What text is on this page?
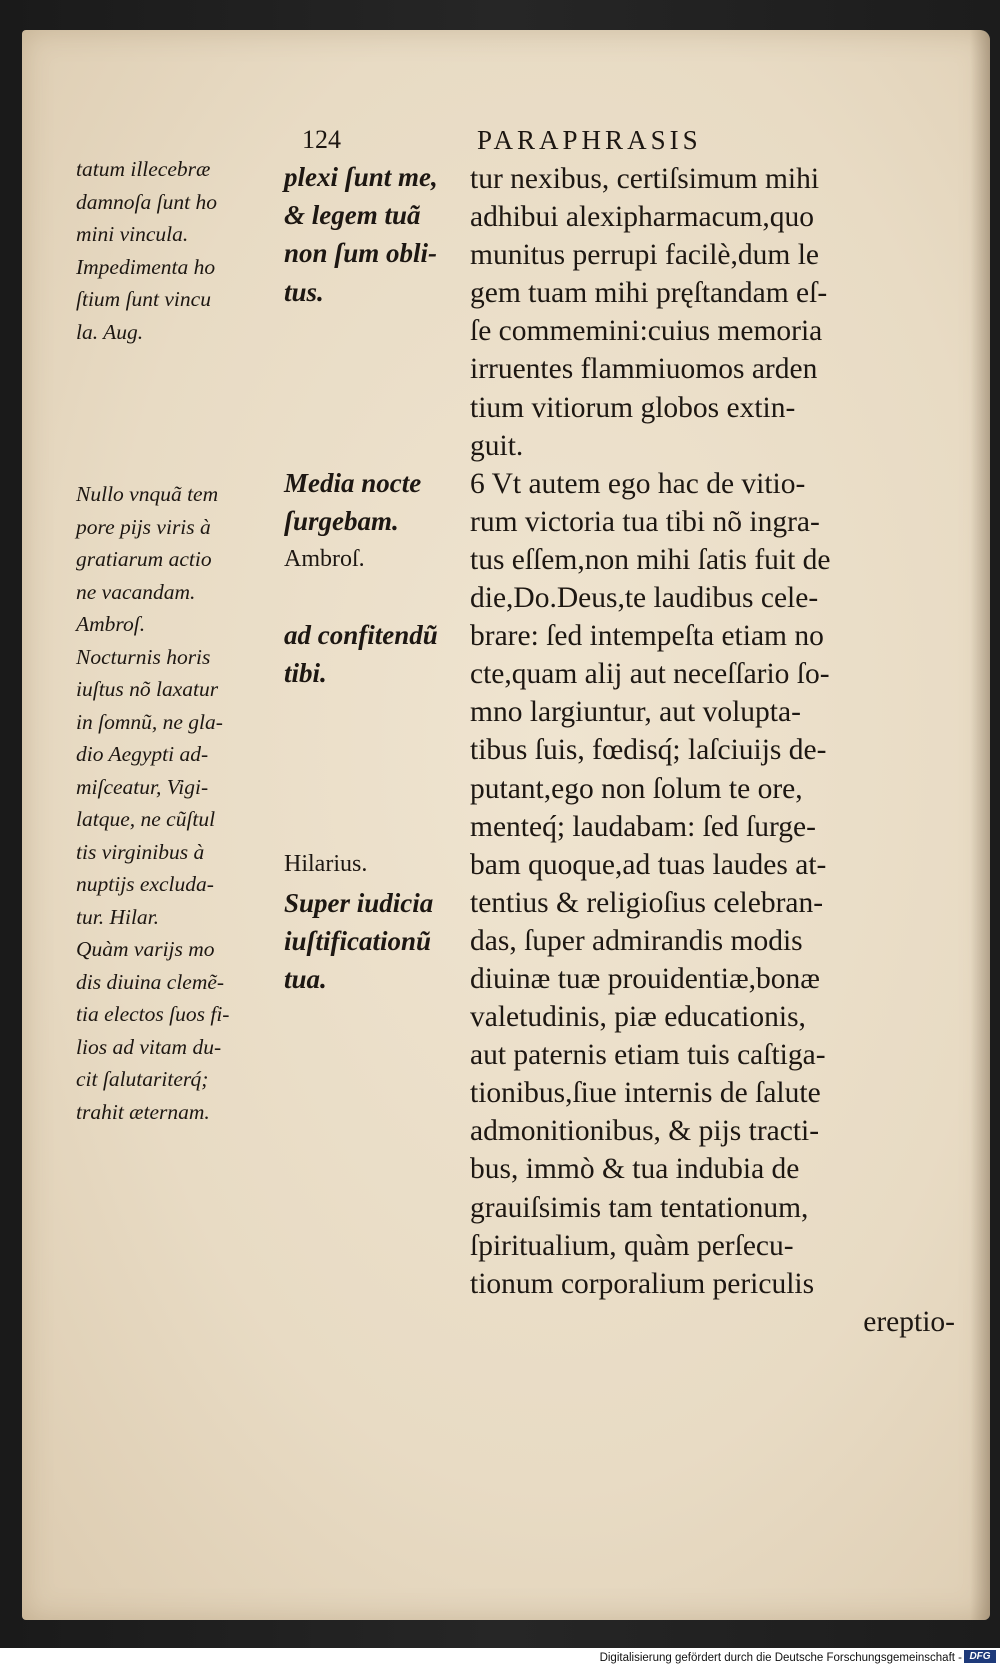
124	PARAPHRASIS
tatum illecebræ
damnoſa ſunt ho
mini vincula.
Impedimenta ho
ſtium ſunt vincu
la. Aug.
Nullo vnquã tem
pore pijs viris à
gratiarum actio
ne vacandam.
Ambroſ.
Nocturnis horis
iuſtus nõ laxatur
in ſomnũ, ne gla-
dio Aegypti ad-
miſceatur, Vigi-
latque, ne cũſtul
tis virginibus à
nuptijs excluda-
tur. Hilar.
Quàm varijs mo
dis diuina clemẽ-
tia electos ſuos fi-
lios ad vitam du-
cit ſalutariterq́;
trahit æternam.
plexi ſunt me,
& legem tuã
non ſum obli-
tus.
Media nocte
ſurgebam.
Ambroſ.
ad confitendũ
tibi.
Hilarius.
Super iudicia
iuſtificationũ
tua.
tur nexibus, certiſsimum mihi
adhibui alexipharmacum,quo
munitus perrupi facilè,dum le
gem tuam mihi pręſtandam eſ-
ſe commemini:cuius memoria
irruentes flammiuomos arden
tium vitiorum globos extin-
guit.
6 Vt autem ego hac de vitio-
rum victoria tua tibi nõ ingra-
tus eſſem,non mihi ſatis fuit de
die,Do.Deus,te laudibus cele-
brare: ſed intempeſta etiam no
cte,quam alij aut neceſſario ſo-
mno largiuntur, aut volupta-
tibus ſuis, fœdisq́; laſciuijs de-
putant,ego non ſolum te ore,
menteq́; laudabam: ſed ſurge-
bam quoque,ad tuas laudes at-
tentius & religioſius celebran-
das, ſuper admirandis modis
diuinæ tuæ prouidentiæ,bonæ
valetudinis, piæ educationis,
aut paternis etiam tuis caſtiga-
tionibus,ſiue internis de ſalute
admonitionibus, & pijs tracti-
bus, immò & tua indubia de
grauiſsimis tam tentationum,
ſpiritualium, quàm perſecu-
tionum corporalium periculis
ereptio-
Digitalisierung gefördert durch die Deutsche Forschungsgemeinschaft - DFG
